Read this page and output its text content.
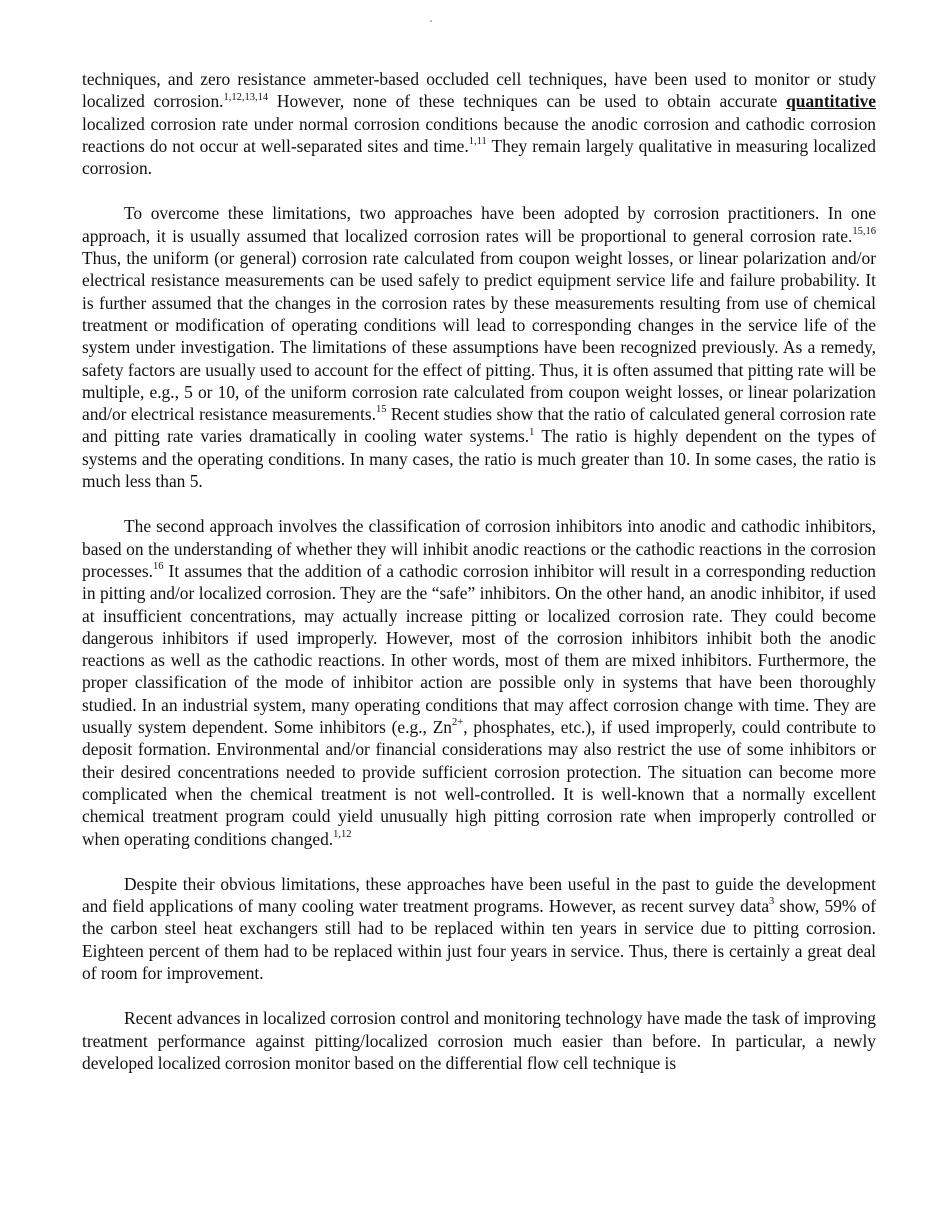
techniques, and zero resistance ammeter-based occluded cell techniques, have been used to monitor or study localized corrosion.$^{1,12,13,14}$ However, none of these techniques can be used to obtain accurate quantitative localized corrosion rate under normal corrosion conditions because the anodic corrosion and cathodic corrosion reactions do not occur at well-separated sites and time.$^{1,11}$ They remain largely qualitative in measuring localized corrosion.

To overcome these limitations, two approaches have been adopted by corrosion practitioners. In one approach, it is usually assumed that localized corrosion rates will be proportional to general corrosion rate.$^{15,16}$ Thus, the uniform (or general) corrosion rate calculated from coupon weight losses, or linear polarization and/or electrical resistance measurements can be used safely to predict equipment service life and failure probability. It is further assumed that the changes in the corrosion rates by these measurements resulting from use of chemical treatment or modification of operating conditions will lead to corresponding changes in the service life of the system under investigation. The limitations of these assumptions have been recognized previously. As a remedy, safety factors are usually used to account for the effect of pitting. Thus, it is often assumed that pitting rate will be multiple, e.g., 5 or 10, of the uniform corrosion rate calculated from coupon weight losses, or linear polarization and/or electrical resistance measurements.$^{15}$ Recent studies show that the ratio of calculated general corrosion rate and pitting rate varies dramatically in cooling water systems.$^1$ The ratio is highly dependent on the types of systems and the operating conditions. In many cases, the ratio is much greater than 10. In some cases, the ratio is much less than 5.

The second approach involves the classification of corrosion inhibitors into anodic and cathodic inhibitors, based on the understanding of whether they will inhibit anodic reactions or the cathodic reactions in the corrosion processes.$^{16}$ It assumes that the addition of a cathodic corrosion inhibitor will result in a corresponding reduction in pitting and/or localized corrosion. They are the “safe” inhibitors. On the other hand, an anodic inhibitor, if used at insufficient concentrations, may actually increase pitting or localized corrosion rate. They could become dangerous inhibitors if used improperly. However, most of the corrosion inhibitors inhibit both the anodic reactions as well as the cathodic reactions. In other words, most of them are mixed inhibitors. Furthermore, the proper classification of the mode of inhibitor action are possible only in systems that have been thoroughly studied. In an industrial system, many operating conditions that may affect corrosion change with time. They are usually system dependent. Some inhibitors (e.g., $Zn^{2+}$, phosphates, etc.), if used improperly, could contribute to deposit formation. Environmental and/or financial considerations may also restrict the use of some inhibitors or their desired concentrations needed to provide sufficient corrosion protection. The situation can become more complicated when the chemical treatment is not well-controlled. It is well-known that a normally excellent chemical treatment program could yield unusually high pitting corrosion rate when improperly controlled or when operating conditions changed.$^{1,12}$

Despite their obvious limitations, these approaches have been useful in the past to guide the development and field applications of many cooling water treatment programs. However, as recent survey data$^3$ show, 59% of the carbon steel heat exchangers still had to be replaced within ten years in service due to pitting corrosion. Eighteen percent of them had to be replaced within just four years in service. Thus, there is certainly a great deal of room for improvement.

Recent advances in localized corrosion control and monitoring technology have made the task of improving treatment performance against pitting/localized corrosion much easier than before. In particular, a newly developed localized corrosion monitor based on the differential flow cell technique is
